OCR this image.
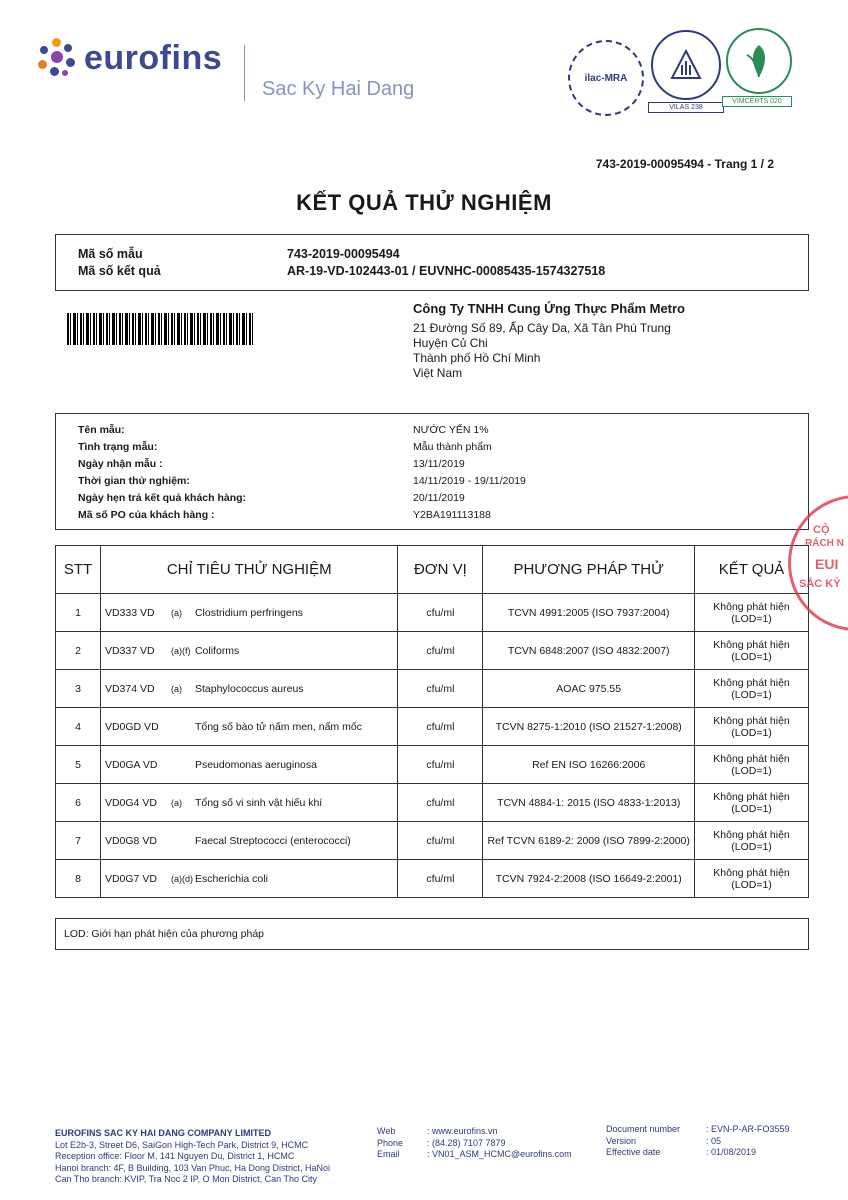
eurofins
Sac Ky Hai Dang	ilac-MRA
VILAS 238
VIMCERTS 020
743-2019-00095494 - Trang 1 / 2
KẾT QUẢ THỬ NGHIỆM
Mã số mẫu	743-2019-00095494
Mã số kết quả	AR-19-VD-102443-01 / EUVNHC-00085435-1574327518
Công Ty TNHH Cung Ứng Thực Phẩm Metro
21 Đường Số 89, Ấp Cây Da, Xã Tân Phú Trung
Huyện Củ Chi
Thành phố Hồ Chí Minh
Việt Nam
Tên mẫu:	NƯỚC YẾN 1%
Tình trạng mẫu:	Mẫu thành phẩm
Ngày nhận mẫu :	13/11/2019
Thời gian thử nghiệm:	14/11/2019 - 19/11/2019
Ngày hẹn trả kết quả khách hàng:	20/11/2019
Mã số PO của khách hàng :	Y2BA191113188
STT	CHỈ TIÊU THỬ NGHIỆM	ĐƠN VỊ	PHƯƠNG PHÁP THỬ	KẾT QUẢ
1	VD333 VD (a) Clostridium perfringens	cfu/ml	TCVN 4991:2005 (ISO 7937:2004)	Không phát hiện (LOD=1)
2	VD337 VD (a)(f) Coliforms	cfu/ml	TCVN 6848:2007 (ISO 4832:2007)	Không phát hiện (LOD=1)
3	VD374 VD (a) Staphylococcus aureus	cfu/ml	AOAC 975.55	Không phát hiện (LOD=1)
4	VD0GD VD Tổng số bào tử nấm men, nấm mốc	cfu/ml	TCVN 8275-1:2010 (ISO 21527-1:2008)	Không phát hiện (LOD=1)
5	VD0GA VD Pseudomonas aeruginosa	cfu/ml	Ref EN ISO 16266:2006	Không phát hiện (LOD=1)
6	VD0G4 VD (a) Tổng số vi sinh vật hiếu khí	cfu/ml	TCVN 4884-1: 2015 (ISO 4833-1:2013)	Không phát hiện (LOD=1)
7	VD0G8 VD Faecal Streptococci (enterococci)	cfu/ml	Ref TCVN 6189-2: 2009 (ISO 7899-2:2000)	Không phát hiện (LOD=1)
8	VD0G7 VD (a)(d) Escherichia coli	cfu/ml	TCVN 7924-2:2008 (ISO 16649-2:2001)	Không phát hiện (LOD=1)
LOD: Giới hạn phát hiện của phương pháp
CỘ
RÁCH N
EUI
SẮC KỲ
EUROFINS SAC KY HAI DANG COMPANY LIMITED
Lot E2b-3, Street D6, SaiGon High-Tech Park, District 9, HCMC
Reception office: Floor M, 141 Nguyen Du, District 1, HCMC
Hanoi branch: 4F, B Building, 103 Van Phuc, Ha Dong District, HaNoi
Can Tho branch: KVIP, Tra Noc 2 IP, O Mon District, Can Tho City
Web	: www.eurofins.vn
Phone	: (84.28) 7107 7879
Email	: VN01_ASM_HCMC@eurofins.com
Document number	: EVN-P-AR-FO3559
Version	: 05
Effective date	: 01/08/2019
